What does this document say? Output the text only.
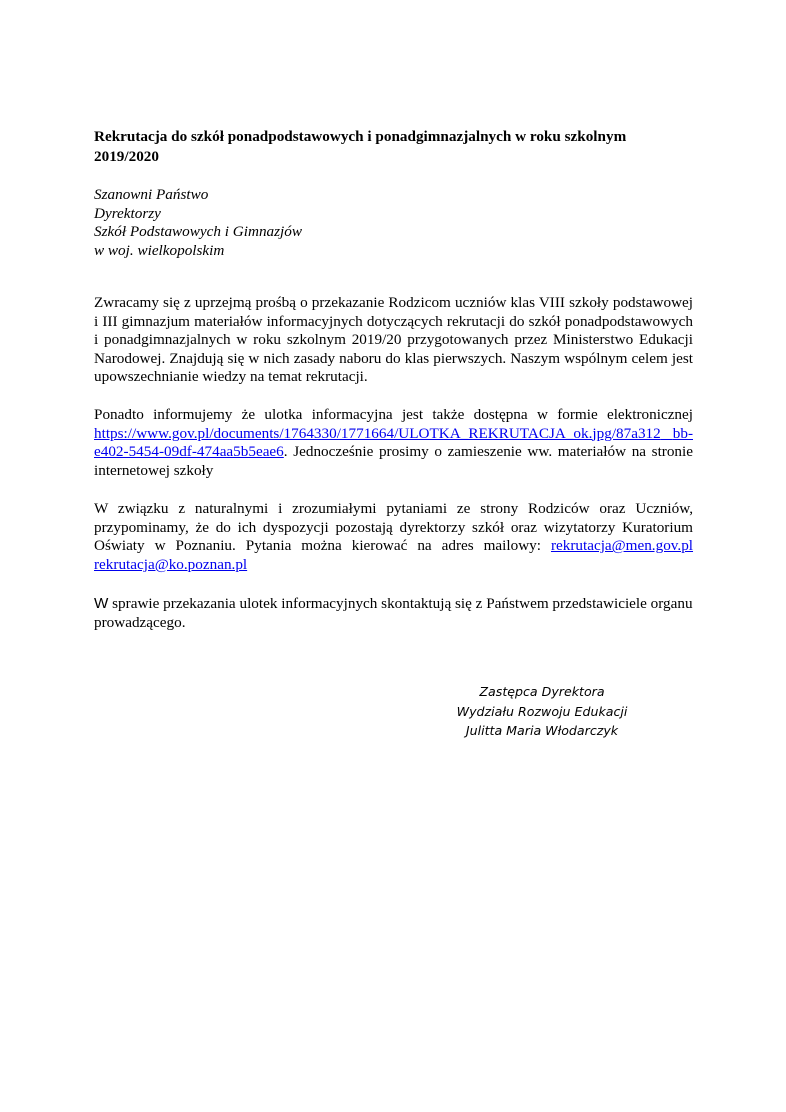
Rekrutacja do szkół ponadpodstawowych i ponadgimnazjalnych w roku szkolnym
2019/2020
Szanowni Państwo
Dyrektorzy
Szkół Podstawowych i Gimnazjów
w woj. wielkopolskim

Zwracamy się z uprzejmą prośbą o przekazanie Rodzicom uczniów klas VIII szkoły podstawowej i III gimnazjum materiałów informacyjnych dotyczących rekrutacji do szkół ponadpodstawowych i ponadgimnazjalnych w roku szkolnym 2019/20 przygotowanych przez Ministerstwo Edukacji Narodowej. Znajdują się w nich zasady naboru do klas pierwszych. Naszym wspólnym celem jest upowszechnianie wiedzy na temat rekrutacji.

Ponadto informujemy że ulotka informacyjna jest także dostępna w formie elektronicznej https://www.gov.pl/documents/1764330/1771664/ULOTKA_REKRUTACJA_ok.jpg/87a312 bb-e402-5454-09df-474aa5b5eae6. Jednocześnie prosimy o zamieszenie ww. materiałów na stronie internetowej szkoły

W związku z naturalnymi i zrozumiałymi pytaniami ze strony Rodziców oraz Uczniów, przypominamy, że do ich dyspozycji pozostają dyrektorzy szkół oraz wizytatorzy Kuratorium Oświaty w Poznaniu. Pytania można kierować na adres mailowy: rekrutacja@men.gov.pl rekrutacja@ko.poznan.pl

W sprawie przekazania ulotek informacyjnych skontaktują się z Państwem przedstawiciele organu prowadzącego.

Zastępca Dyrektora
Wydziału Rozwoju Edukacji
Julitta Maria Włodarczyk
